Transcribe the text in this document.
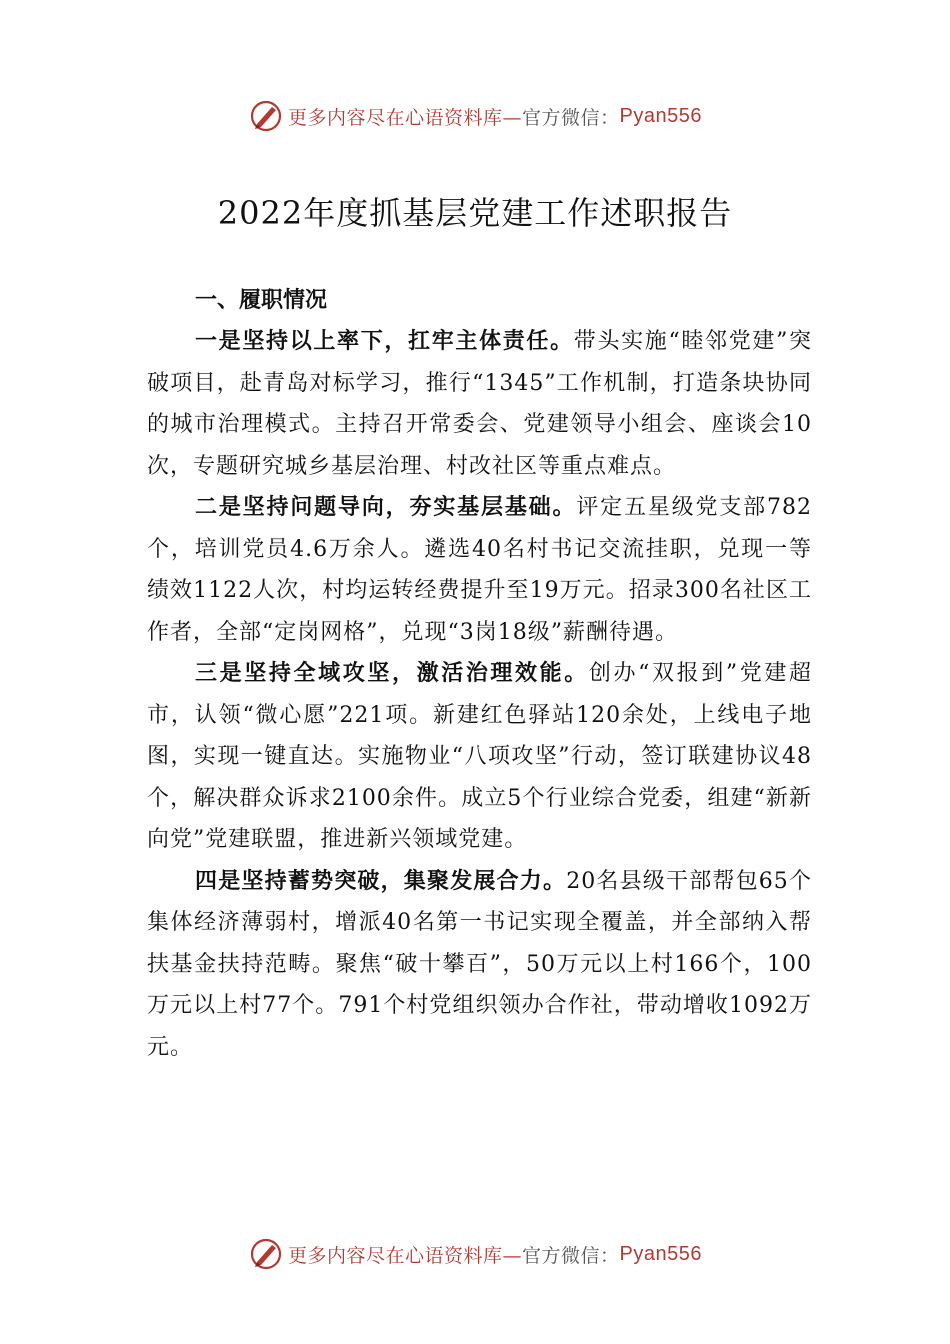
更多内容尽在心语资料库— 官方微信： Pyan556
2022年度抓基层党建工作述职报告

一、履职情况

一是坚持以上率下，扛牢主体责任。带头实施“睦邻党建”突破项目，赴青岛对标学习，推行“1345”工作机制，打造条块协同的城市治理模式。主持召开常委会、党建领导小组会、座谈会10次，专题研究城乡基层治理、村改社区等重点难点。

二是坚持问题导向，夯实基层基础。评定五星级党支部782个，培训党员4.6万余人。遴选40名村书记交流挂职，兑现一等绩效1122人次，村均运转经费提升至19万元。招录300名社区工作者，全部“定岗网格”，兑现“3岗18级”薪酬待遇。

三是坚持全域攻坚，激活治理效能。创办“双报到”党建超市，认领“微心愿”221项。新建红色驿站120余处，上线电子地图，实现一键直达。实施物业“八项攻坚”行动，签订联建协议48个，解决群众诉求2100余件。成立5个行业综合党委，组建“新新向党”党建联盟，推进新兴领域党建。

四是坚持蓄势突破，集聚发展合力。20名县级干部帮包65个集体经济薄弱村，增派40名第一书记实现全覆盖，并全部纳入帮扶基金扶持范畴。聚焦“破十攀百”，50万元以上村166个，100万元以上村77个。791个村党组织领办合作社，带动增收1092万元。

更多内容尽在心语资料库— 官方微信： Pyan556
